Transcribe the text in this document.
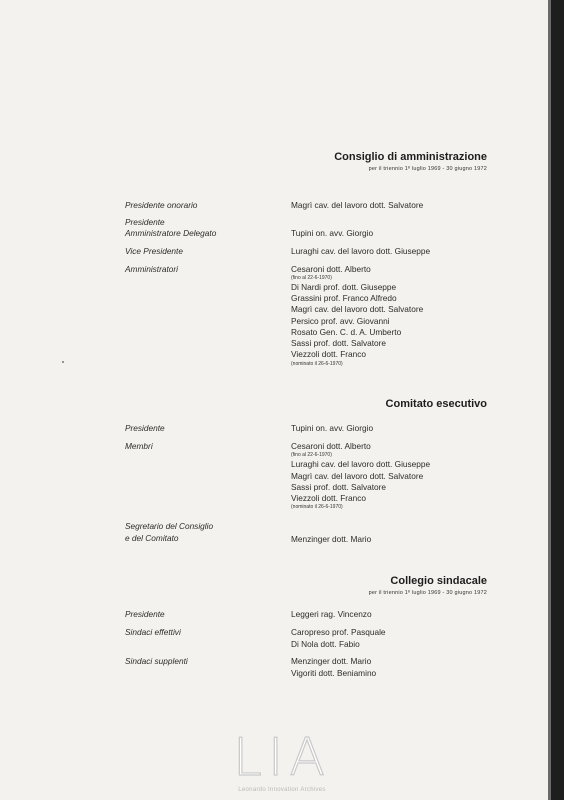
Consiglio di amministrazione
per il triennio 1º luglio 1969 - 30 giugno 1972
Presidente onorario	Magrì cav. del lavoro dott. Salvatore
Presidente
Amministratore Delegato	Tupini on. avv. Giorgio
Vice Presidente	Luraghi cav. del lavoro dott. Giuseppe
Amministratori	Cesaroni dott. Alberto
(fino al 22-6-1970)
Di Nardi prof. dott. Giuseppe
Grassini prof. Franco Alfredo
Magrì cav. del lavoro dott. Salvatore
Persico prof. avv. Giovanni
Rosato Gen. C. d. A. Umberto
Sassi prof. dott. Salvatore
Viezzoli dott. Franco
(nominato il 26-6-1970)
Comitato esecutivo
Presidente	Tupini on. avv. Giorgio
Membri	Cesaroni dott. Alberto
(fino al 22-6-1970)
Luraghi cav. del lavoro dott. Giuseppe
Magrì cav. del lavoro dott. Salvatore
Sassi prof. dott. Salvatore
Viezzoli dott. Franco
(nominato il 26-6-1970)
Segretario del Consiglio
e del Comitato	Menzinger dott. Mario
Collegio sindacale
per il triennio 1º luglio 1969 - 30 giugno 1972
Presidente	Leggeri rag. Vincenzo
Sindaci effettivi	Caropreso prof. Pasquale
Di Nola dott. Fabio
Sindaci supplenti	Menzinger dott. Mario
Vigoriti dott. Beniamino
LIA
Leonardo Innovation Archives
